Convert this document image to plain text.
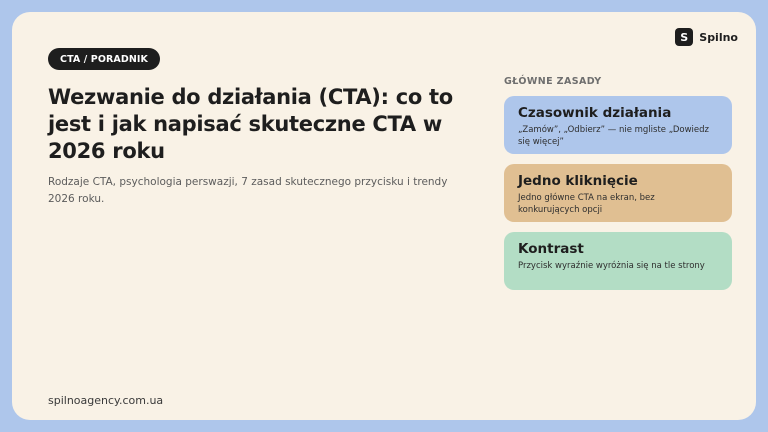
S	Spilno
CTA / PORADNIK
Wezwanie do działania (CTA): co to jest i jak napisać skuteczne CTA w 2026 roku

Rodzaje CTA, psychologia perswazji, 7 zasad skutecznego przycisku i trendy 2026 roku.

GŁÓWNE ZASADY
Czasownik działania
„Zamów”, „Odbierz” — nie mgliste „Dowiedz się więcej”
Jedno kliknięcie
Jedno główne CTA na ekran, bez konkurujących opcji
Kontrast
Przycisk wyraźnie wyróżnia się na tle strony
spilnoagency.com.ua
